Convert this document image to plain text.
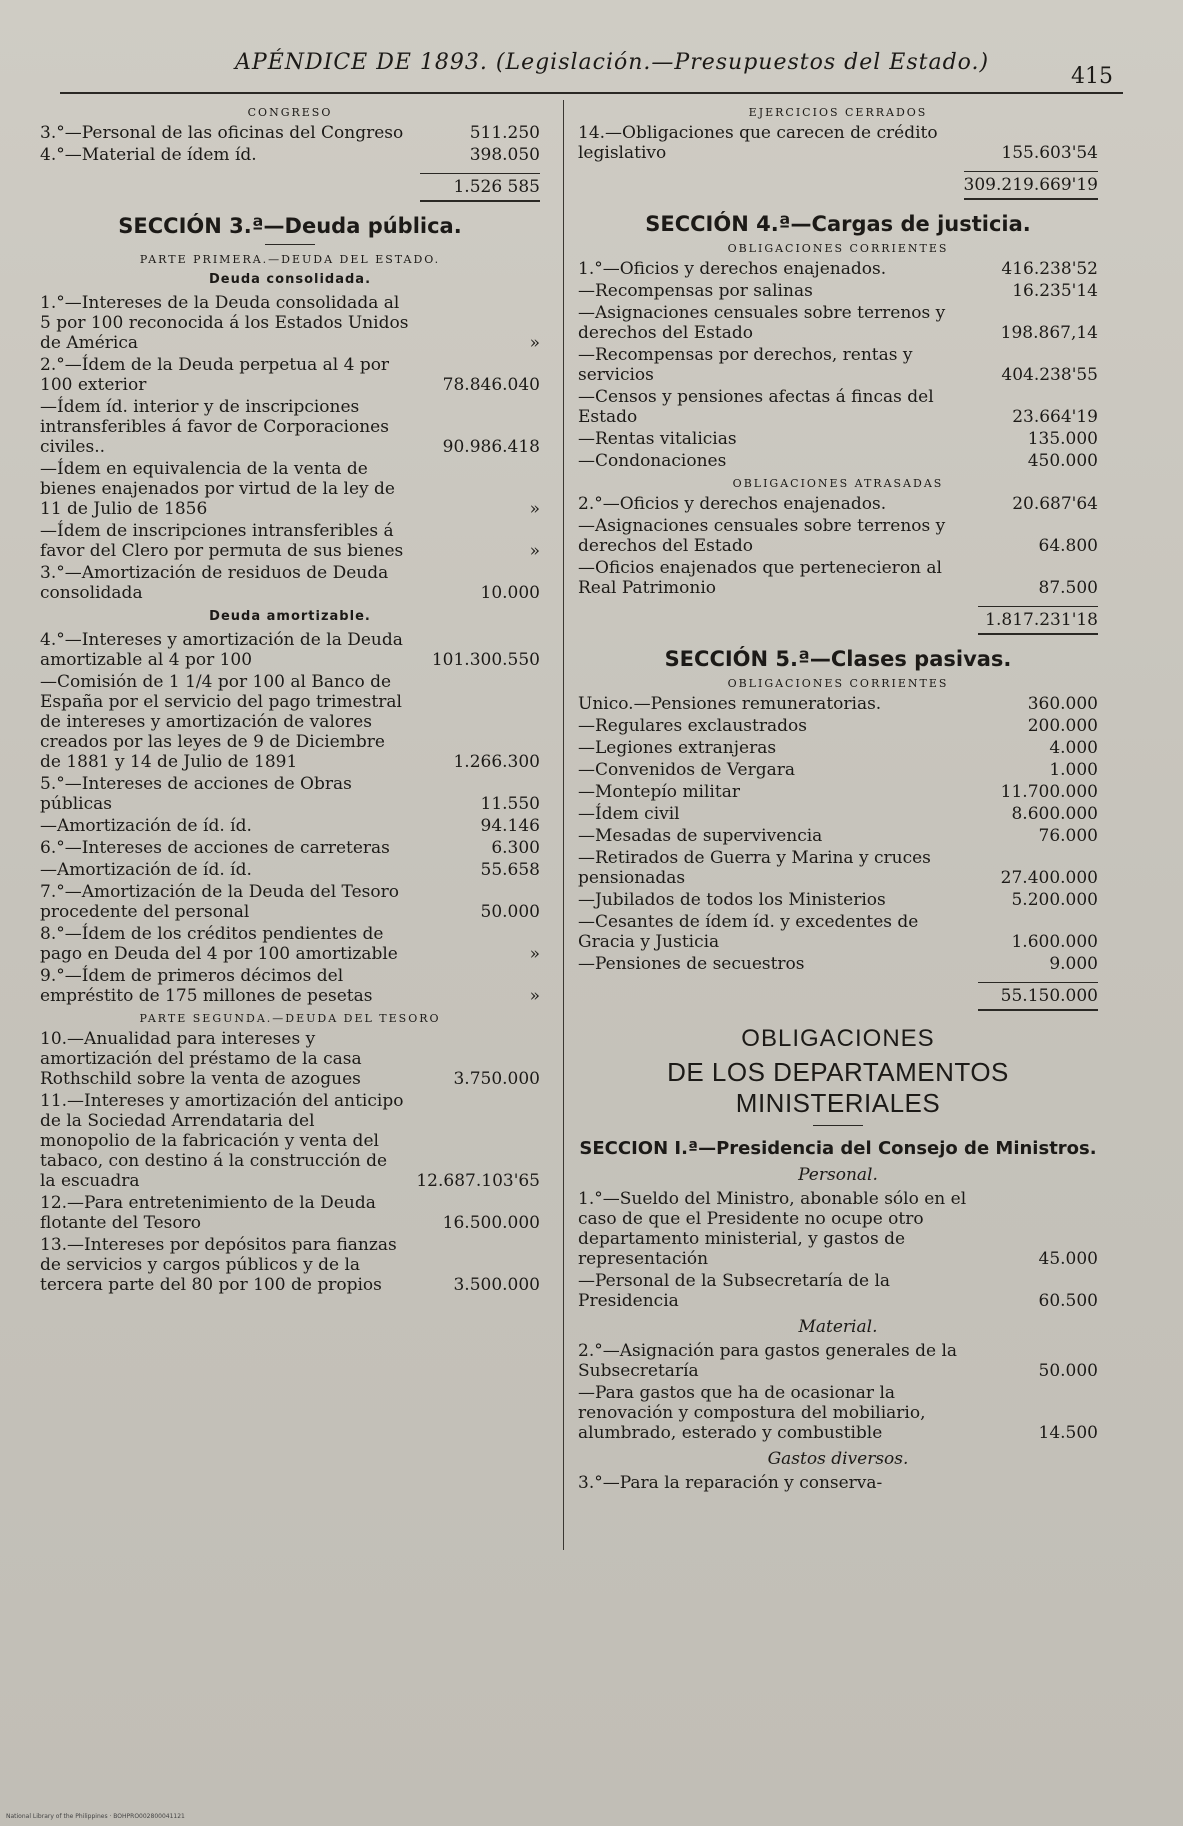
APÉNDICE DE 1893. (Legislación.—Presupuestos del Estado.)
415
CONGRESO
3.°—Personal de las oficinas del Congreso	511.250
4.°—Material de ídem íd.	398.050
1.526 585
SECCIÓN 3.ª—Deuda pública.
PARTE PRIMERA.—DEUDA DEL ESTADO.
Deuda consolidada.
1.°—Intereses de la Deuda consolidada al 5 por 100 reconocida á los Estados Unidos de América	»
2.°—Ídem de la Deuda perpetua al 4 por 100 exterior	78.846.040
—Ídem íd. interior y de inscripciones intransferibles á favor de Corporaciones civiles..	90.986.418
—Ídem en equivalencia de la venta de bienes enajenados por virtud de la ley de 11 de Julio de 1856	»
—Ídem de inscripciones intransferibles á favor del Clero por permuta de sus bienes	»
3.°—Amortización de residuos de Deuda consolidada	10.000
Deuda amortizable.
4.°—Intereses y amortización de la Deuda amortizable al 4 por 100	101.300.550
—Comisión de 1 1/4 por 100 al Banco de España por el servicio del pago trimestral de intereses y amortización de valores creados por las leyes de 9 de Diciembre de 1881 y 14 de Julio de 1891	1.266.300
5.°—Intereses de acciones de Obras públicas	11.550
—Amortización de íd. íd.	94.146
6.°—Intereses de acciones de carreteras	6.300
—Amortización de íd. íd.	55.658
7.°—Amortización de la Deuda del Tesoro procedente del personal	50.000
8.°—Ídem de los créditos pendientes de pago en Deuda del 4 por 100 amortizable	»
9.°—Ídem de primeros décimos del empréstito de 175 millones de pesetas	»
PARTE SEGUNDA.—DEUDA DEL TESORO
10.—Anualidad para intereses y amortización del préstamo de la casa Rothschild sobre la venta de azogues	3.750.000
11.—Intereses y amortización del anticipo de la Sociedad Arrendataria del monopolio de la fabricación y venta del tabaco, con destino á la construcción de la escuadra	12.687.103'65
12.—Para entretenimiento de la Deuda flotante del Tesoro	16.500.000
13.—Intereses por depósitos para fianzas de servicios y cargos públicos y de la tercera parte del 80 por 100 de propios	3.500.000
EJERCICIOS CERRADOS
14.—Obligaciones que carecen de crédito legislativo	155.603'54
309.219.669'19
SECCIÓN 4.ª—Cargas de justicia.
OBLIGACIONES CORRIENTES
1.°—Oficios y derechos enajenados.	416.238'52
—Recompensas por salinas	16.235'14
—Asignaciones censuales sobre terrenos y derechos del Estado	198.867,14
—Recompensas por derechos, rentas y servicios	404.238'55
—Censos y pensiones afectas á fincas del Estado	23.664'19
—Rentas vitalicias	135.000
—Condonaciones	450.000
OBLIGACIONES ATRASADAS
2.°—Oficios y derechos enajenados.	20.687'64
—Asignaciones censuales sobre terrenos y derechos del Estado	64.800
—Oficios enajenados que pertenecieron al Real Patrimonio	87.500
1.817.231'18
SECCIÓN 5.ª—Clases pasivas.
OBLIGACIONES CORRIENTES
Unico.—Pensiones remuneratorias.	360.000
—Regulares exclaustrados	200.000
—Legiones extranjeras	4.000
—Convenidos de Vergara	1.000
—Montepío militar	11.700.000
—Ídem civil	8.600.000
—Mesadas de supervivencia	76.000
—Retirados de Guerra y Marina y cruces pensionadas	27.400.000
—Jubilados de todos los Ministerios	5.200.000
—Cesantes de ídem íd. y excedentes de Gracia y Justicia	1.600.000
—Pensiones de secuestros	9.000
55.150.000
OBLIGACIONES
DE LOS DEPARTAMENTOS MINISTERIALES
SECCION I.ª—Presidencia del Consejo de Ministros.
Personal.
1.°—Sueldo del Ministro, abonable sólo en el caso de que el Presidente no ocupe otro departamento ministerial, y gastos de representación	45.000
—Personal de la Subsecretaría de la Presidencia	60.500
Material.
2.°—Asignación para gastos generales de la Subsecretaría	50.000
—Para gastos que ha de ocasionar la renovación y compostura del mobiliario, alumbrado, esterado y combustible	14.500
Gastos diversos.
3.°—Para la reparación y conserva-
National Library of the Philippines · BOHPRO002800041121
